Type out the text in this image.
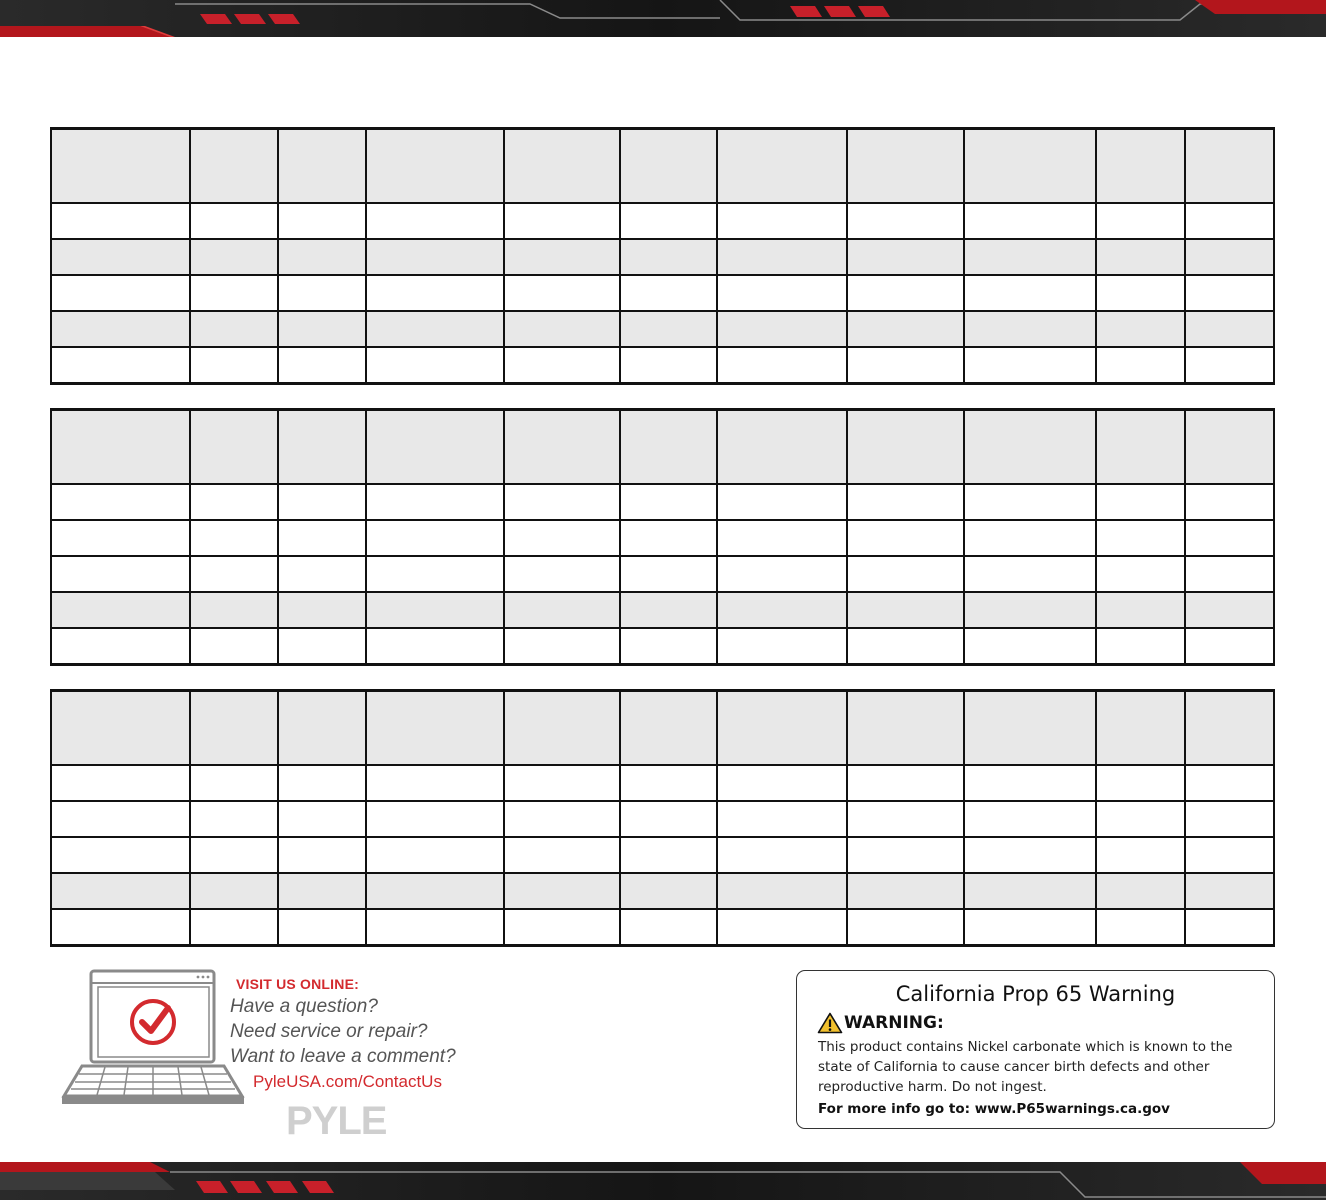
VISIT US ONLINE:

Have a question?

Need service or repair?

Want to leave a comment?

PyleUSA.com/ContactUs
PYLE

California Prop 65 Warning

WARNING:

This product contains Nickel carbonate which is known to the state of California to cause cancer birth defects and other reproductive harm. Do not ingest.

For more info go to: www.P65warnings.ca.gov
